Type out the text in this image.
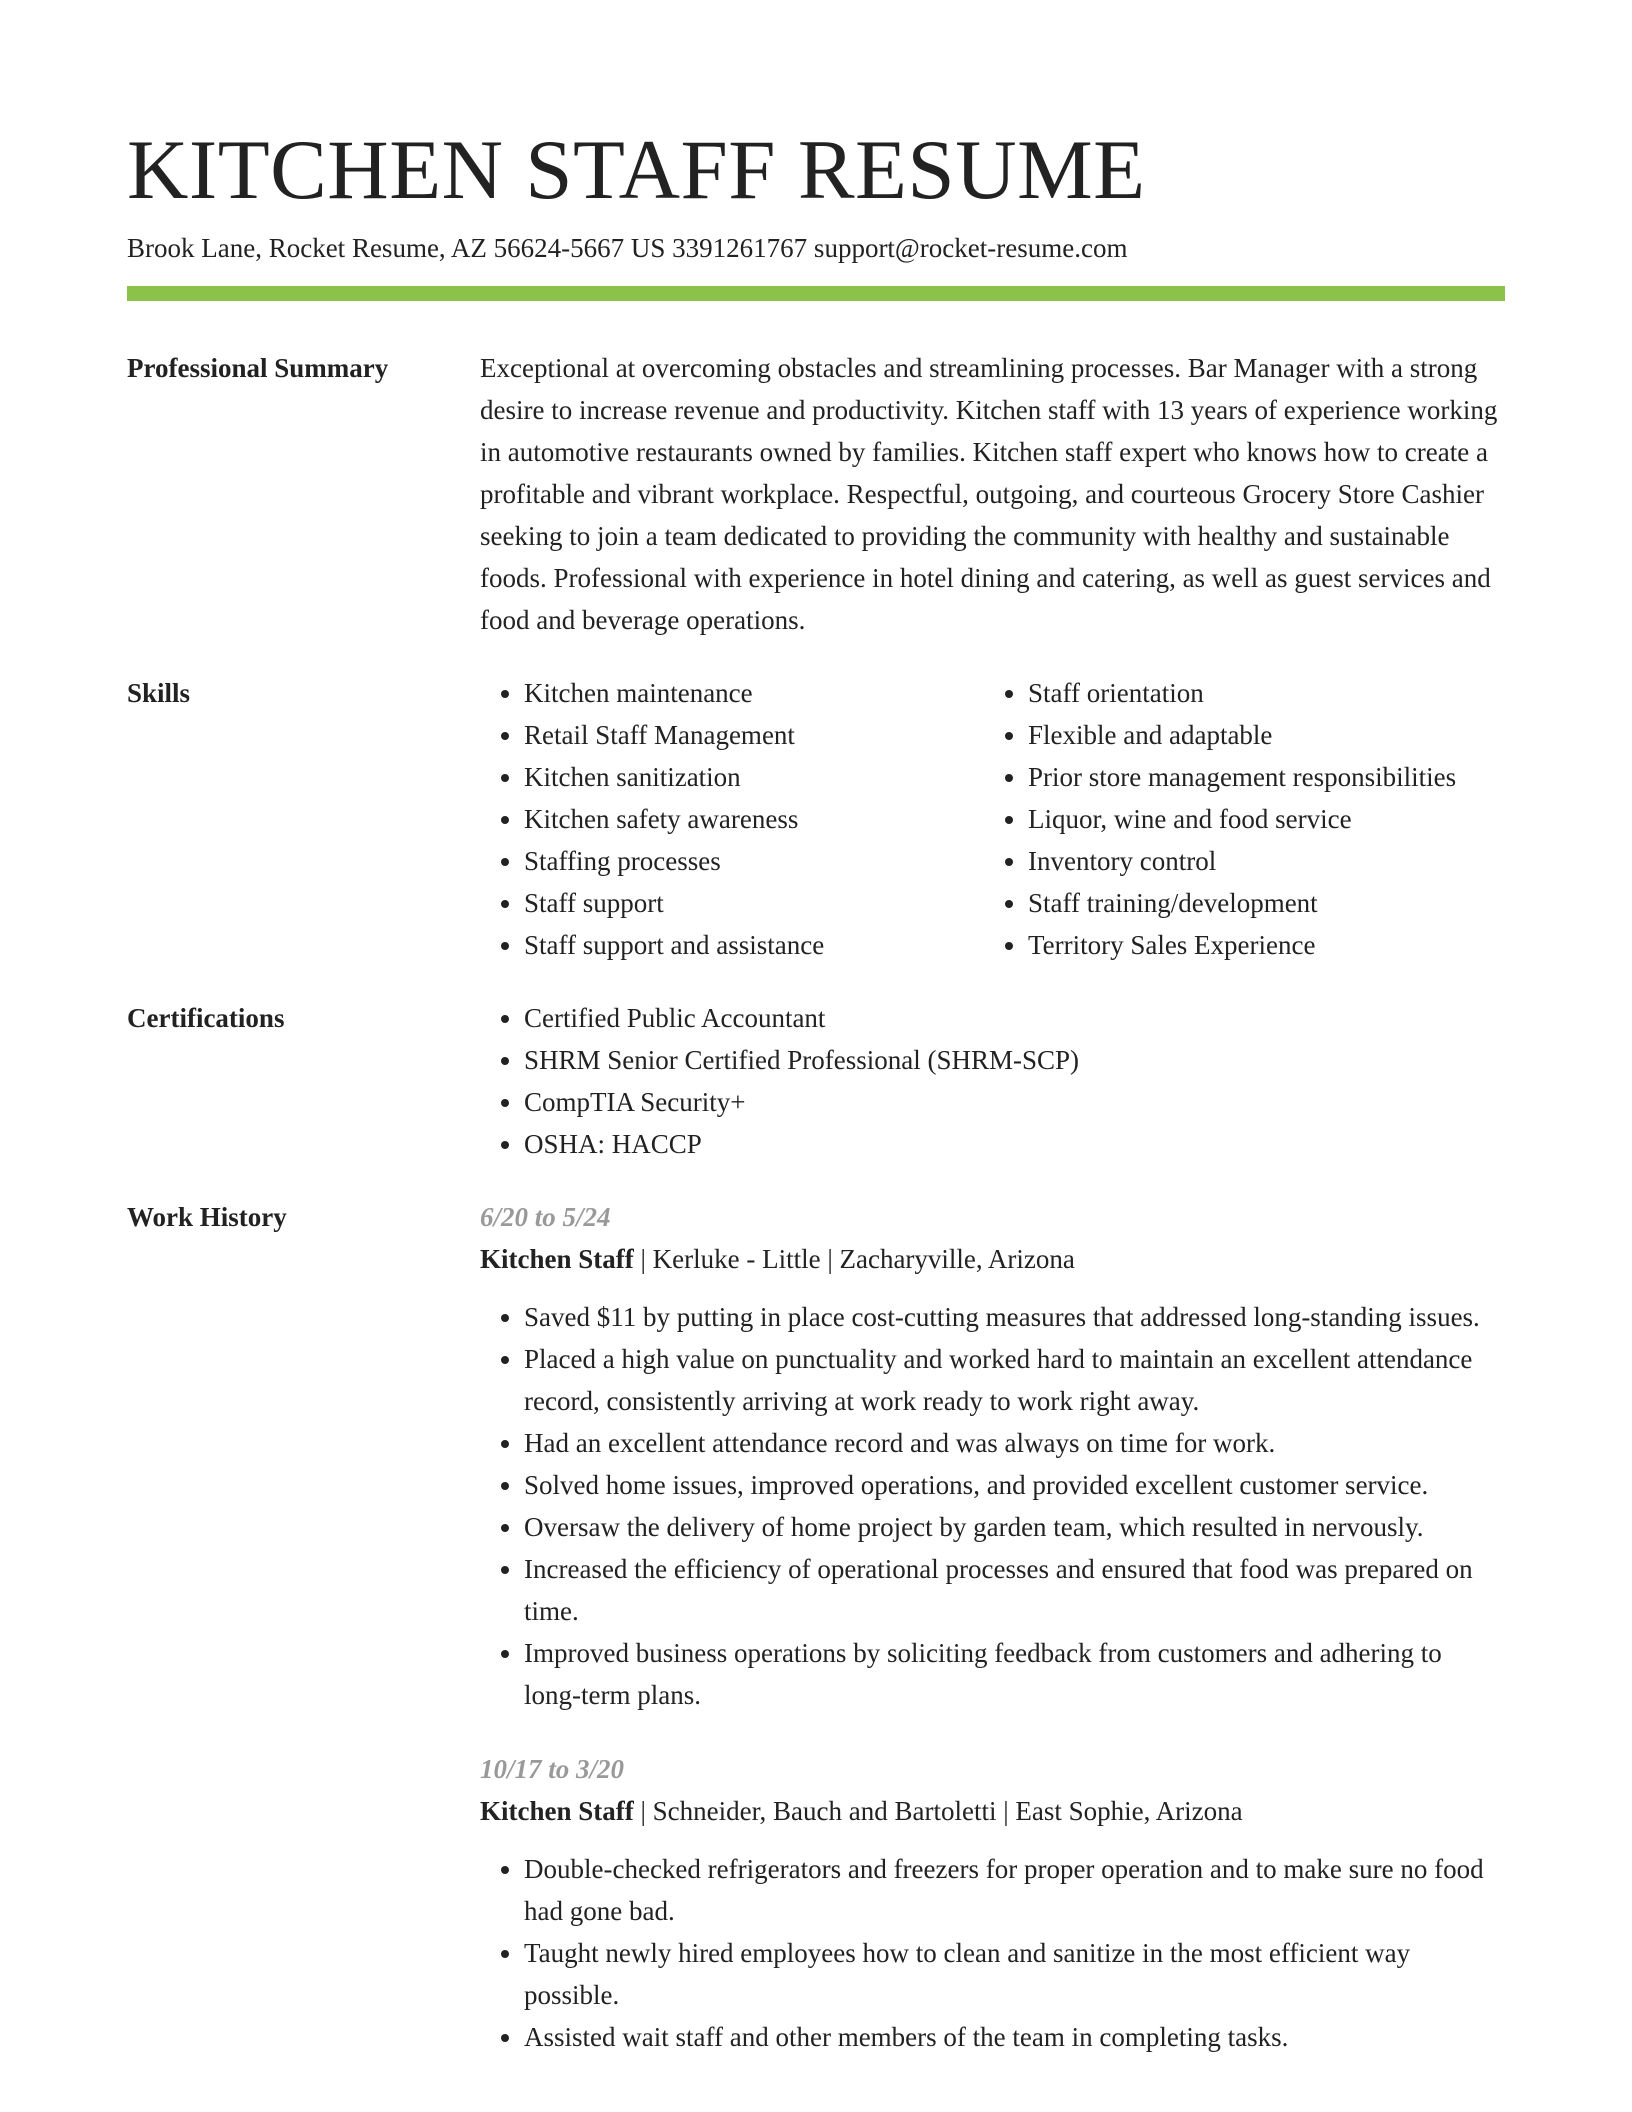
KITCHEN STAFF RESUME
Brook Lane, Rocket Resume, AZ 56624-5667 US 3391261767 support@rocket-resume.com
Professional Summary	Exceptional at overcoming obstacles and streamlining processes. Bar Manager with a strong desire to increase revenue and productivity. Kitchen staff with 13 years of experience working in automotive restaurants owned by families. Kitchen staff expert who knows how to create a profitable and vibrant workplace. Respectful, outgoing, and courteous Grocery Store Cashier seeking to join a team dedicated to providing the community with healthy and sustainable foods. Professional with experience in hotel dining and catering, as well as guest services and food and beverage operations.

Skills	• Kitchen maintenance
• Retail Staff Management
• Kitchen sanitization
• Kitchen safety awareness
• Staffing processes
• Staff support
• Staff support and assistance
• Staff orientation
• Flexible and adaptable
• Prior store management responsibilities
• Liquor, wine and food service
• Inventory control
• Staff training/development
• Territory Sales Experience
Certifications	• Certified Public Accountant
• SHRM Senior Certified Professional (SHRM-SCP)
• CompTIA Security+
• OSHA: HACCP
Work History	6/20 to 5/24
Kitchen Staff | Kerluke - Little | Zacharyville, Arizona
• Saved $11 by putting in place cost-cutting measures that addressed long-standing issues.
• Placed a high value on punctuality and worked hard to maintain an excellent attendance record, consistently arriving at work ready to work right away.
• Had an excellent attendance record and was always on time for work.
• Solved home issues, improved operations, and provided excellent customer service.
• Oversaw the delivery of home project by garden team, which resulted in nervously.
• Increased the efficiency of operational processes and ensured that food was prepared on time.
• Improved business operations by soliciting feedback from customers and adhering to long-term plans.
10/17 to 3/20
Kitchen Staff | Schneider, Bauch and Bartoletti | East Sophie, Arizona
• Double-checked refrigerators and freezers for proper operation and to make sure no food had gone bad.
• Taught newly hired employees how to clean and sanitize in the most efficient way possible.
• Assisted wait staff and other members of the team in completing tasks.
